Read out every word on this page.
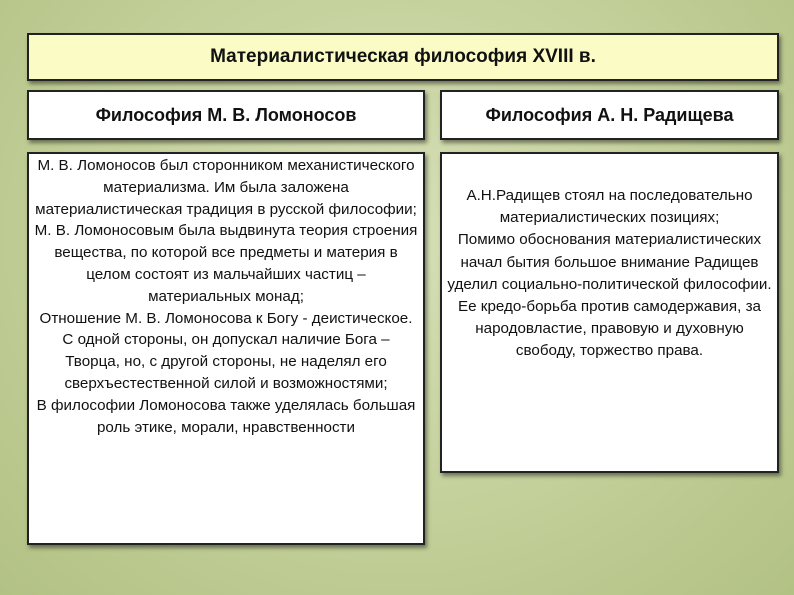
Материалистическая философия XVIII в.
Философия М. В. Ломоносов	Философия А. Н. Радищева
М. В. Ломоносов был сторонником механистического материализма. Им была заложена материалистическая традиция в русской философии;
М. В. Ломоносовым была выдвинута теория строения вещества, по которой все предметы и материя в целом состоят из мальчайших частиц – материальных монад;
Отношение М. В. Ломоносова к Богу - деистическое. С одной стороны, он допускал наличие Бога – Творца, но, с другой стороны, не наделял его сверхъестественной силой и возможностями;
В философии Ломоносова также уделялась большая роль этике, морали, нравственности
А.Н.Радищев стоял на последовательно материалистических позициях;
Помимо обоснования материалистических начал бытия большое внимание Радищев уделил социально-политической философии.
Ее кредо-борьба против самодержавия, за народовластие, правовую и духовную свободу, торжество права.
